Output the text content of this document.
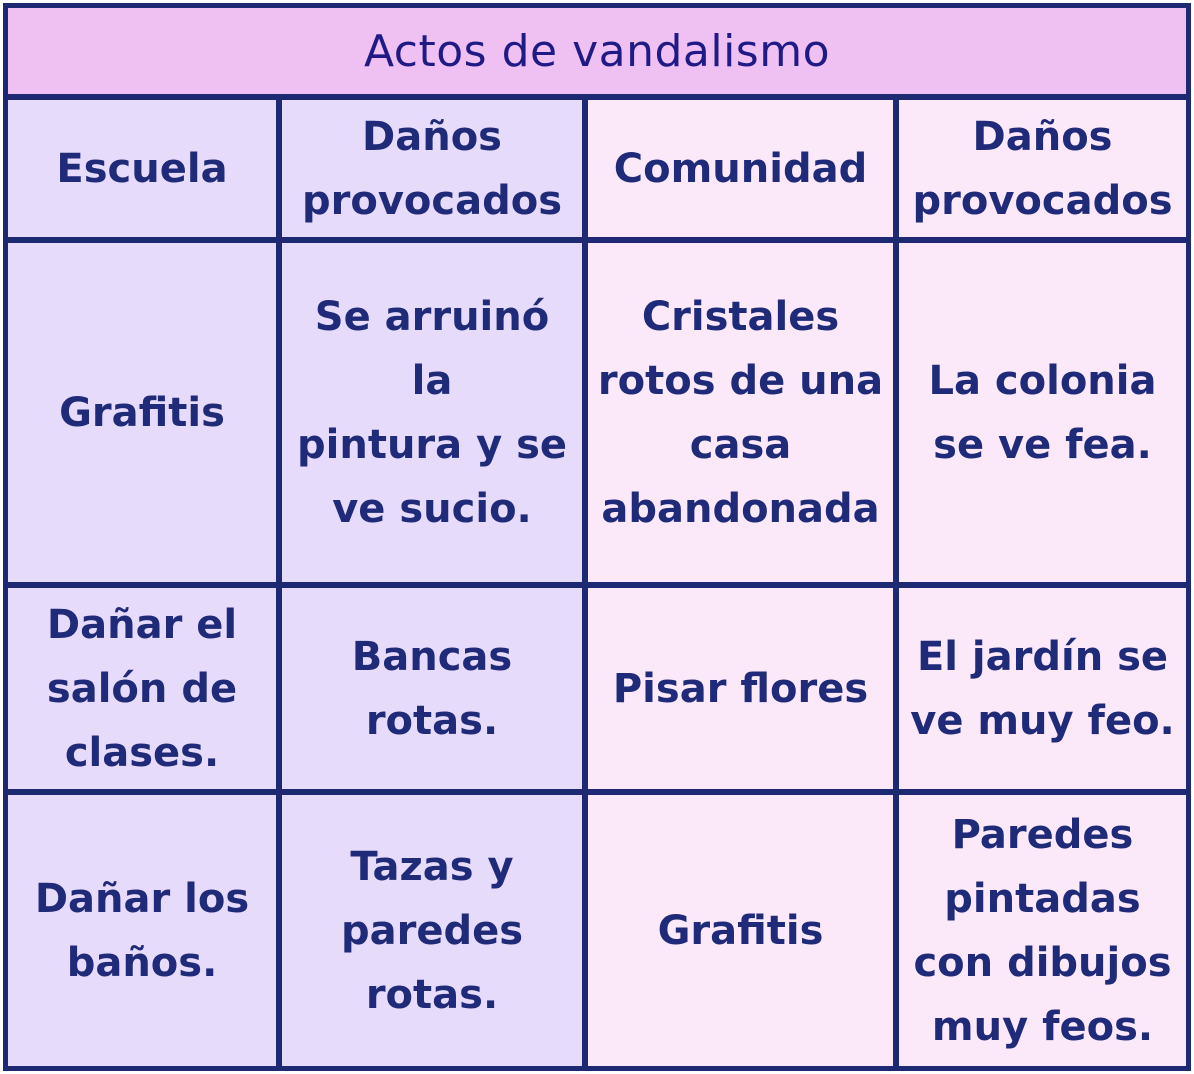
Actos de vandalismo
Escuela
Daños
provocados
Comunidad
Daños
provocados
Grafitis
Se arruinó la
pintura y se
ve sucio.
Cristales
rotos de una
casa
abandonada
La colonia
se ve fea.
Dañar el
salón de
clases.
Bancas
rotas.
Pisar flores
El jardín se
ve muy feo.
Dañar los
baños.
Tazas y
paredes
rotas.
Grafitis
Paredes
pintadas
con dibujos
muy feos.
